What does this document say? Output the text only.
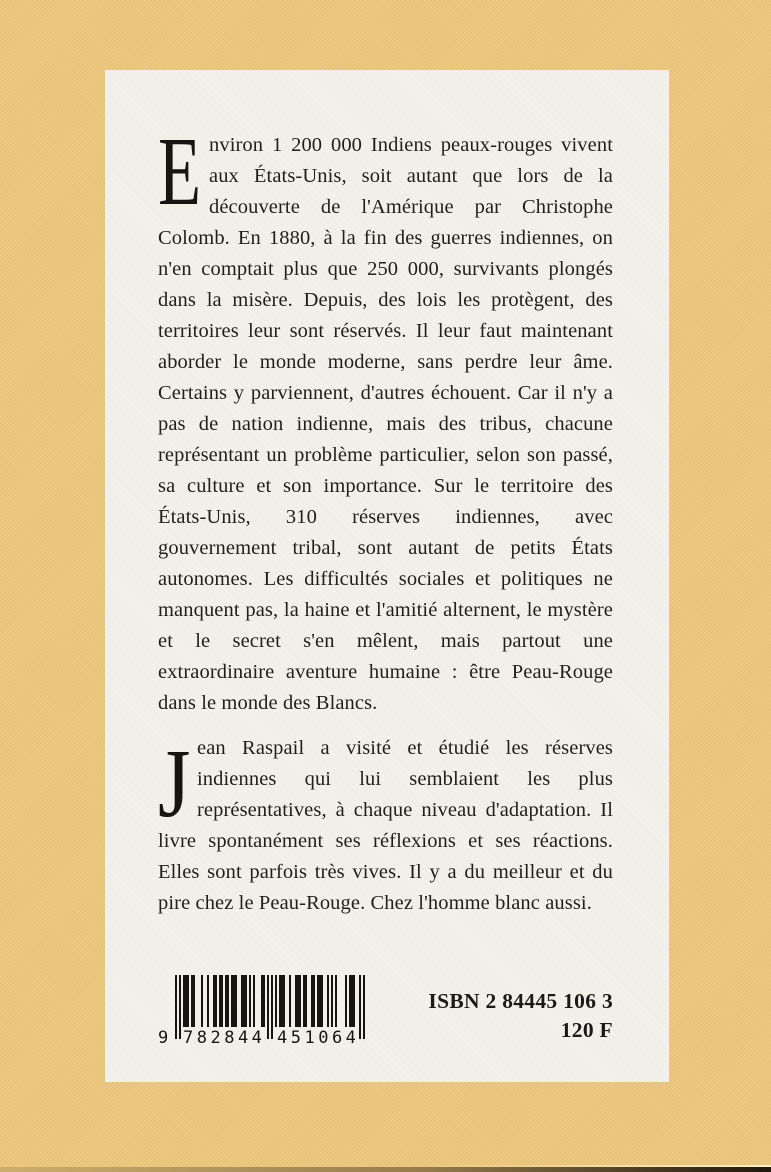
Environ 1 200 000 Indiens peaux-rouges vivent aux États-Unis, soit autant que lors de la découverte de l'Amérique par Christophe Colomb. En 1880, à la fin des guerres indiennes, on n'en comptait plus que 250 000, survivants plongés dans la misère. Depuis, des lois les protègent, des territoires leur sont réservés. Il leur faut maintenant aborder le monde moderne, sans perdre leur âme. Certains y parviennent, d'autres échouent. Car il n'y a pas de nation indienne, mais des tribus, chacune représentant un problème particulier, selon son passé, sa culture et son importance. Sur le territoire des États-Unis, 310 réserves indiennes, avec gouvernement tribal, sont autant de petits États autonomes. Les difficultés sociales et politiques ne manquent pas, la haine et l'amitié alternent, le mystère et le secret s'en mêlent, mais partout une extraordinaire aventure humaine : être Peau-Rouge dans le monde des Blancs.

Jean Raspail a visité et étudié les réserves indiennes qui lui semblaient les plus représentatives, à chaque niveau d'adaptation. Il livre spontanément ses réflexions et ses réactions. Elles sont parfois très vives. Il y a du meilleur et du pire chez le Peau-Rouge. Chez l'homme blanc aussi.

9 782844 451064
ISBN 2 84445 106 3
120 F
